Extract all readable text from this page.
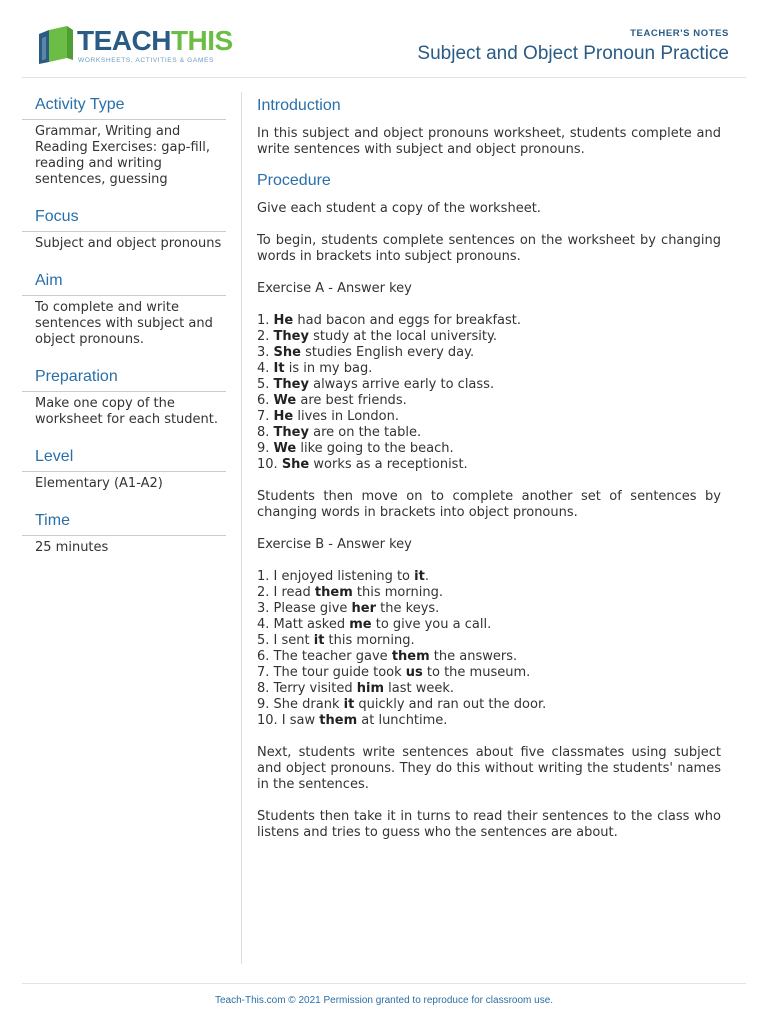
TEACHTHIS
WORKSHEETS, ACTIVITIES & GAMES
TEACHER'S NOTES
Subject and Object Pronoun Practice
Activity Type
Grammar, Writing and Reading Exercises: gap-fill, reading and writing sentences, guessing
Focus
Subject and object pronouns
Aim
To complete and write sentences with subject and object pronouns.
Preparation
Make one copy of the worksheet for each student.
Level
Elementary (A1-A2)
Time
25 minutes
Introduction
In this subject and object pronouns worksheet, students complete and write sentences with subject and object pronouns.
Procedure
Give each student a copy of the worksheet.
To begin, students complete sentences on the worksheet by changing words in brackets into subject pronouns.
Exercise A - Answer key
1. He had bacon and eggs for breakfast.
2. They study at the local university.
3. She studies English every day.
4. It is in my bag.
5. They always arrive early to class.
6. We are best friends.
7. He lives in London.
8. They are on the table.
9. We like going to the beach.
10. She works as a receptionist.
Students then move on to complete another set of sentences by changing words in brackets into object pronouns.
Exercise B - Answer key
1. I enjoyed listening to it.
2. I read them this morning.
3. Please give her the keys.
4. Matt asked me to give you a call.
5. I sent it this morning.
6. The teacher gave them the answers.
7. The tour guide took us to the museum.
8. Terry visited him last week.
9. She drank it quickly and ran out the door.
10. I saw them at lunchtime.
Next, students write sentences about five classmates using subject and object pronouns. They do this without writing the students' names in the sentences.
Students then take it in turns to read their sentences to the class who listens and tries to guess who the sentences are about.
Teach-This.com © 2021 Permission granted to reproduce for classroom use.
